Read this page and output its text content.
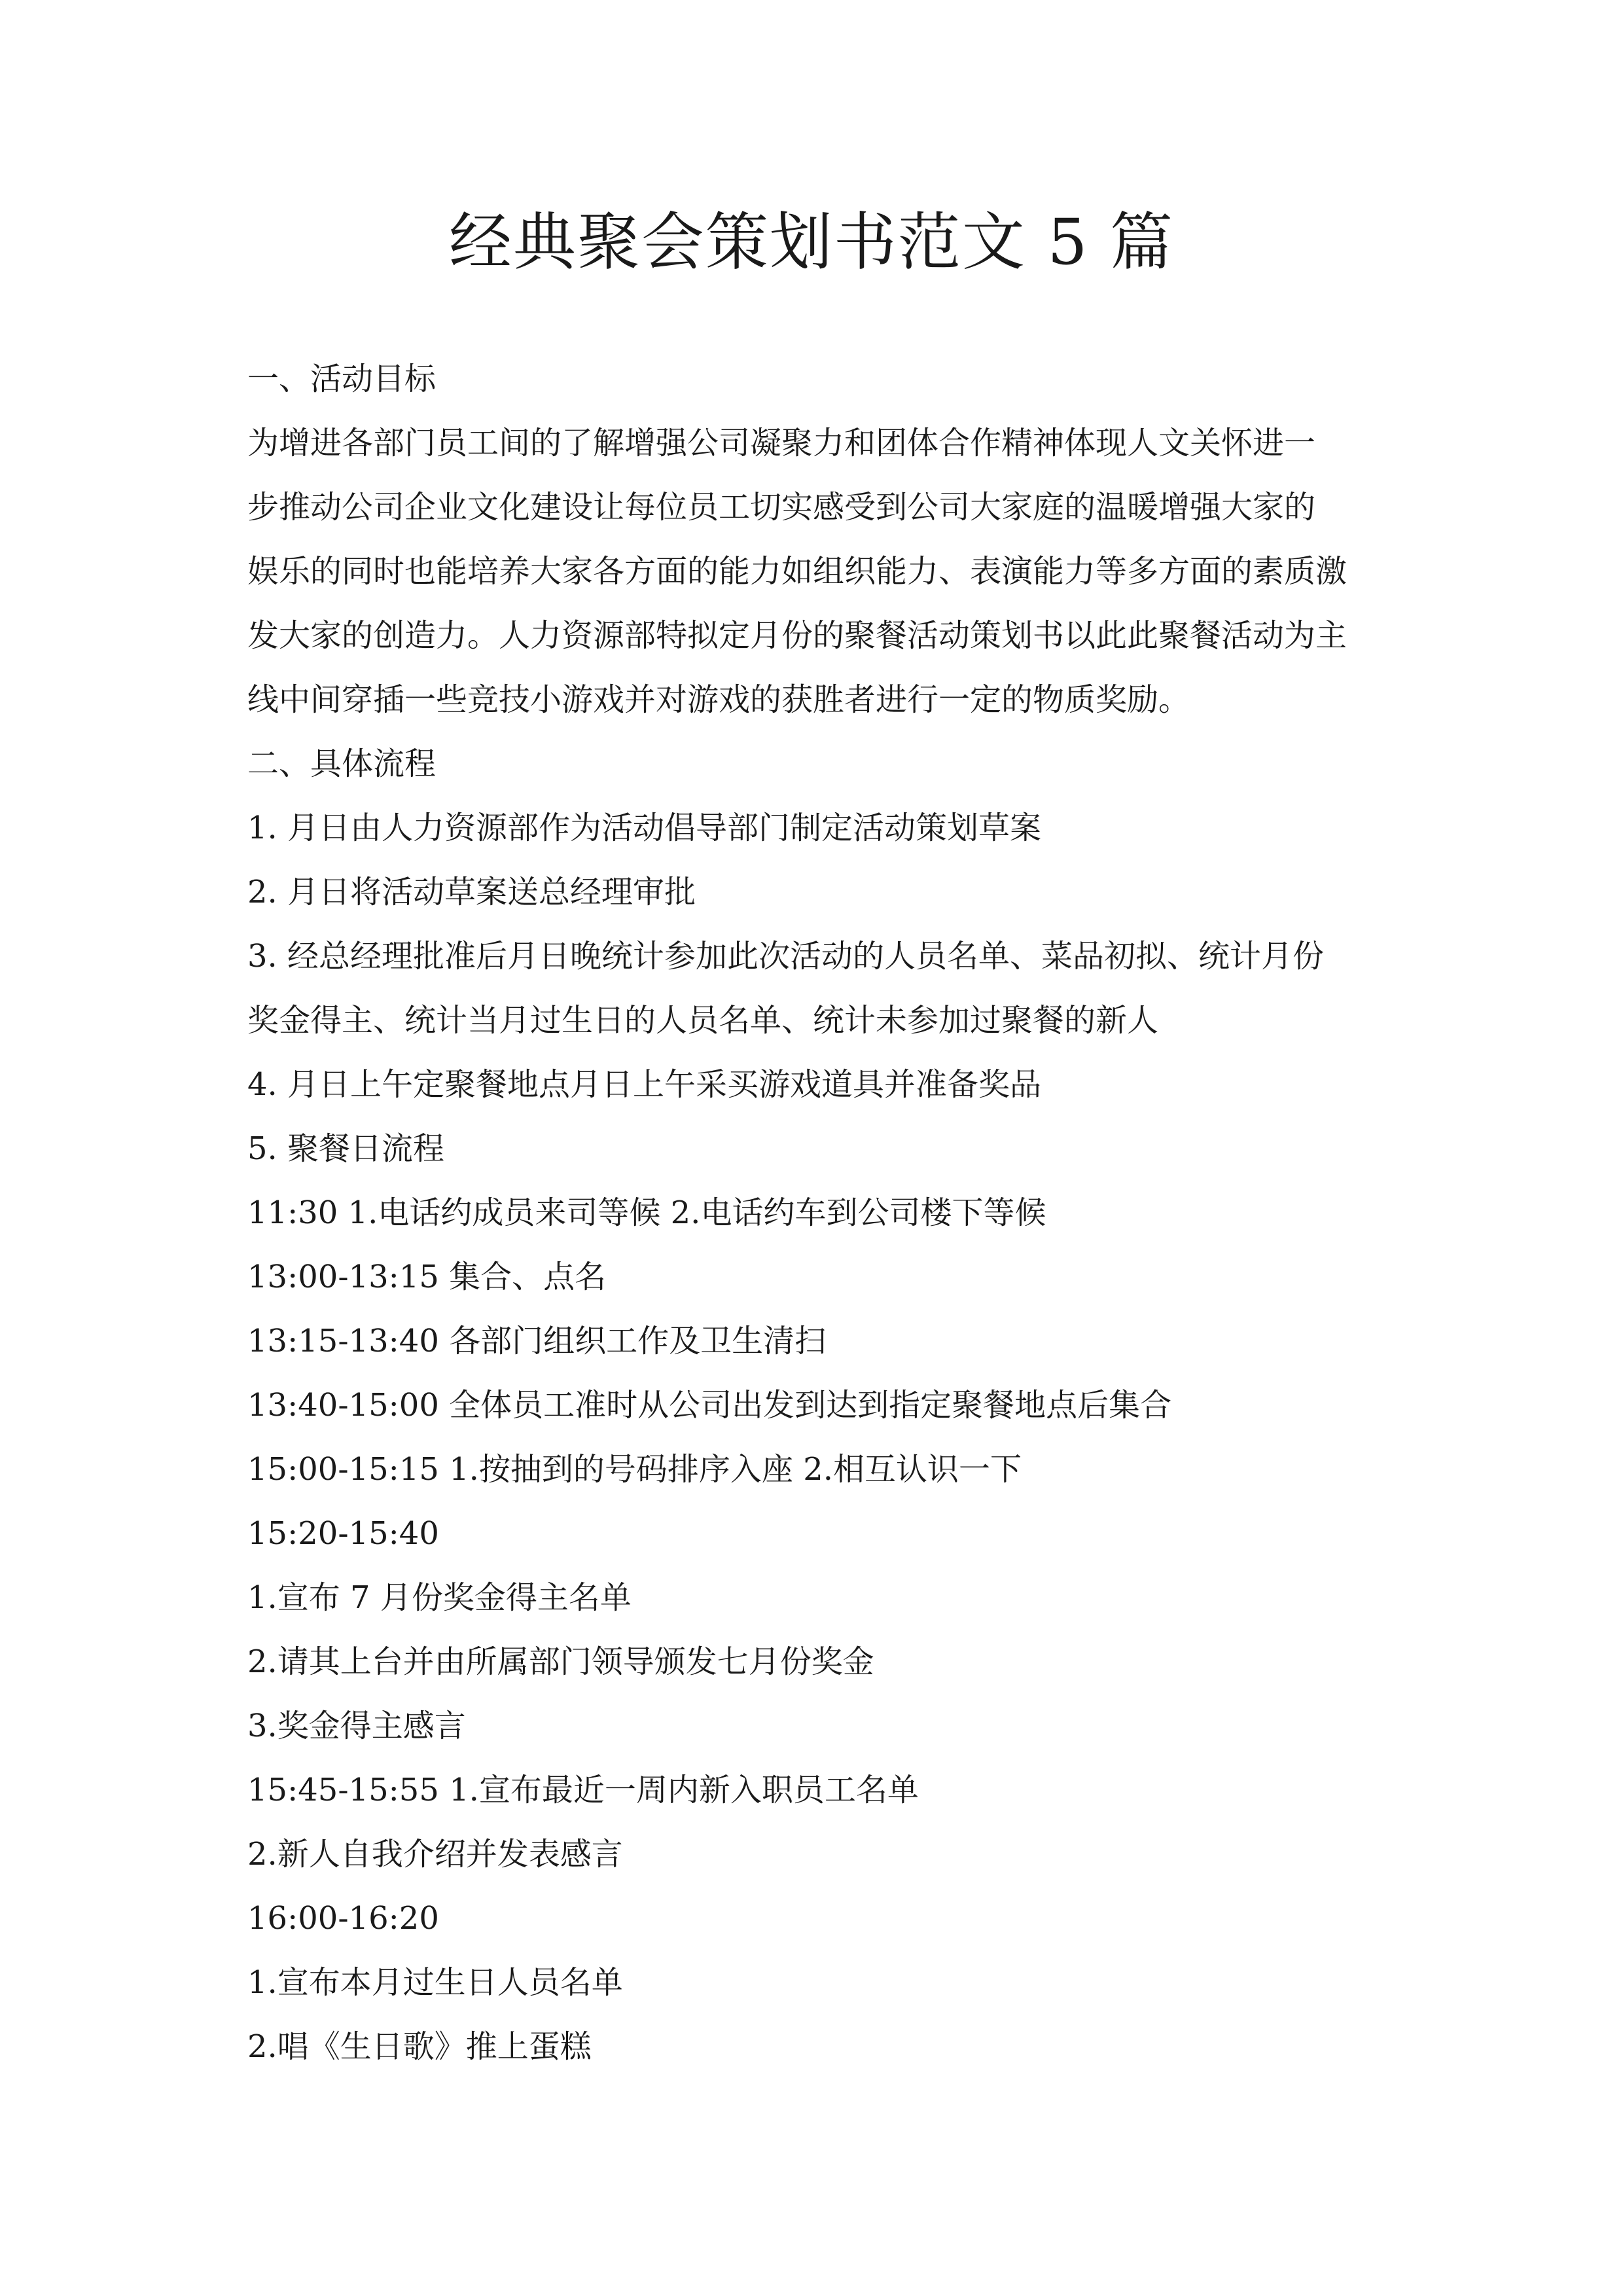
经典聚会策划书范文 5 篇

一、活动目标

为增进各部门员工间的了解增强公司凝聚力和团体合作精神体现人文关怀进一

步推动公司企业文化建设让每位员工切实感受到公司大家庭的温暖增强大家的

娱乐的同时也能培养大家各方面的能力如组织能力、表演能力等多方面的素质激

发大家的创造力。人力资源部特拟定月份的聚餐活动策划书以此此聚餐活动为主

线中间穿插一些竞技小游戏并对游戏的获胜者进行一定的物质奖励。

二、具体流程

1. 月日由人力资源部作为活动倡导部门制定活动策划草案

2. 月日将活动草案送总经理审批

3. 经总经理批准后月日晚统计参加此次活动的人员名单、菜品初拟、统计月份

奖金得主、统计当月过生日的人员名单、统计未参加过聚餐的新人

4. 月日上午定聚餐地点月日上午采买游戏道具并准备奖品

5. 聚餐日流程

11:30 1.电话约成员来司等候 2.电话约车到公司楼下等候

13:00-13:15 集合、点名

13:15-13:40 各部门组织工作及卫生清扫

13:40-15:00 全体员工准时从公司出发到达到指定聚餐地点后集合

15:00-15:15 1.按抽到的号码排序入座 2.相互认识一下

15:20-15:40

1.宣布 7 月份奖金得主名单

2.请其上台并由所属部门领导颁发七月份奖金

3.奖金得主感言

15:45-15:55 1.宣布最近一周内新入职员工名单

2.新人自我介绍并发表感言

16:00-16:20

1.宣布本月过生日人员名单

2.唱《生日歌》推上蛋糕
